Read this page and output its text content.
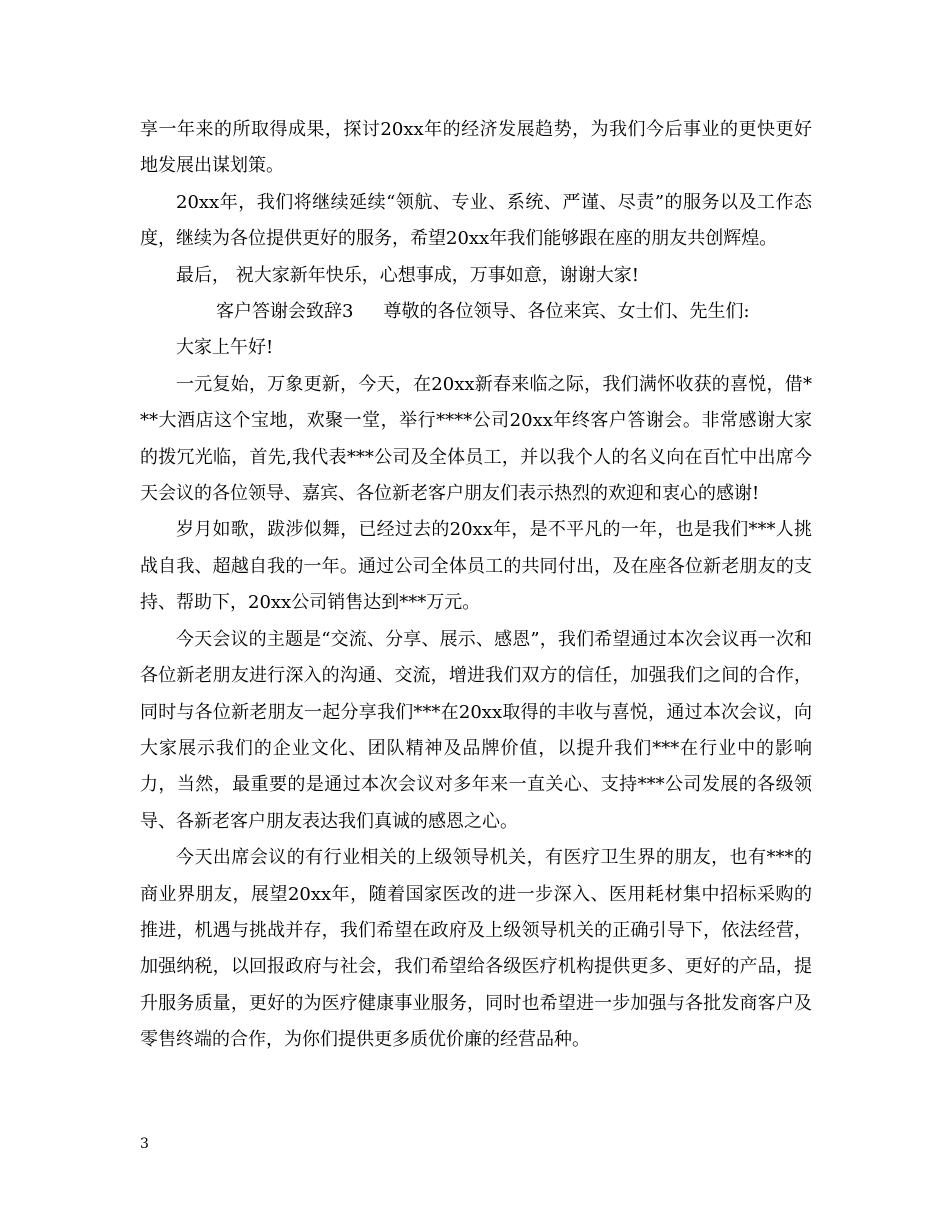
享一年来的所取得成果，探讨20xx年的经济发展趋势，为我们今后事业的更快更好地发展出谋划策。

20xx年，我们将继续延续“领航、专业、系统、严谨、尽责”的服务以及工作态度，继续为各位提供更好的服务，希望20xx年我们能够跟在座的朋友共创辉煌。

最后， 祝大家新年快乐，心想事成，万事如意，谢谢大家!

客户答谢会致辞3 尊敬的各位领导、各位来宾、女士们、先生们:

大家上午好!

一元复始，万象更新，今天，在20xx新春来临之际，我们满怀收获的喜悦，借***大酒店这个宝地，欢聚一堂，举行****公司20xx年终客户答谢会。非常感谢大家的拨冗光临，首先,我代表***公司及全体员工，并以我个人的名义向在百忙中出席今天会议的各位领导、嘉宾、各位新老客户朋友们表示热烈的欢迎和衷心的感谢!

岁月如歌，跋涉似舞，已经过去的20xx年，是不平凡的一年，也是我们***人挑战自我、超越自我的一年。通过公司全体员工的共同付出，及在座各位新老朋友的支持、帮助下，20xx公司销售达到***万元。

今天会议的主题是“交流、分享、展示、感恩”，我们希望通过本次会议再一次和各位新老朋友进行深入的沟通、交流，增进我们双方的信任，加强我们之间的合作，同时与各位新老朋友一起分享我们***在20xx取得的丰收与喜悦，通过本次会议，向大家展示我们的企业文化、团队精神及品牌价值，以提升我们***在行业中的影响力，当然，最重要的是通过本次会议对多年来一直关心、支持***公司发展的各级领导、各新老客户朋友表达我们真诚的感恩之心。

今天出席会议的有行业相关的上级领导机关，有医疗卫生界的朋友，也有***的商业界朋友，展望20xx年，随着国家医改的进一步深入、医用耗材集中招标采购的推进，机遇与挑战并存，我们希望在政府及上级领导机关的正确引导下，依法经营，加强纳税，以回报政府与社会，我们希望给各级医疗机构提供更多、更好的产品，提升服务质量，更好的为医疗健康事业服务，同时也希望进一步加强与各批发商客户及零售终端的合作，为你们提供更多质优价廉的经营品种。

3
